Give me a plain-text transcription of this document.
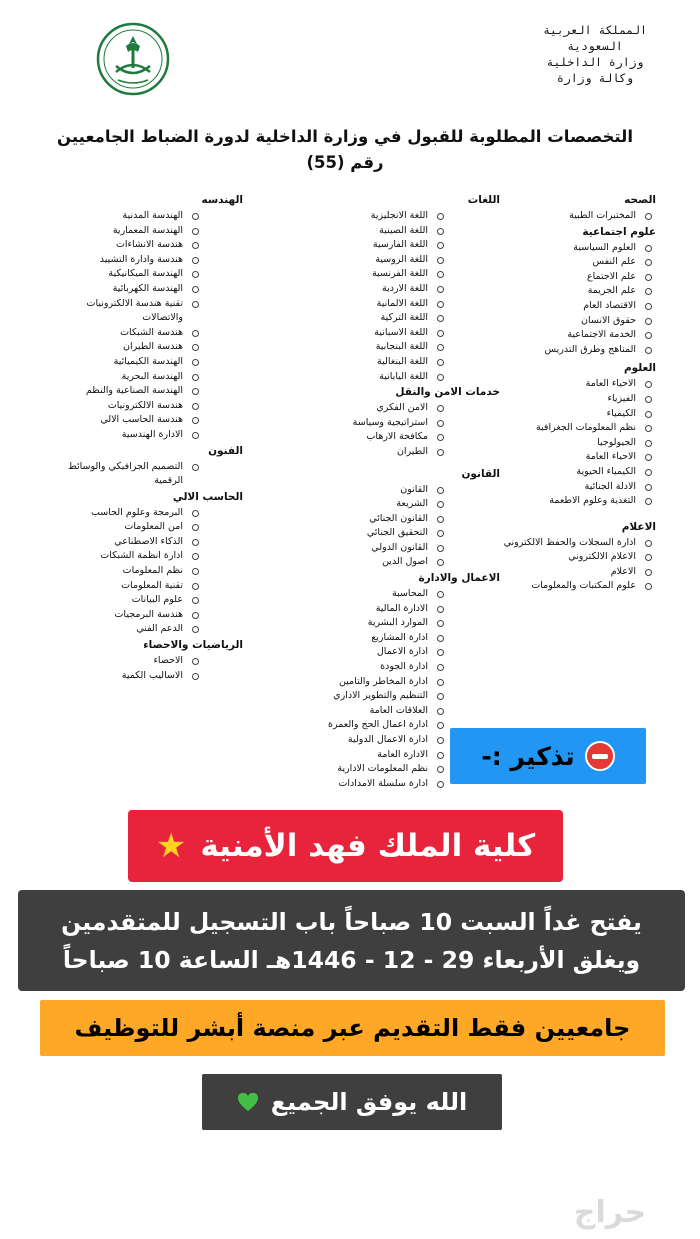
المملكة العربية
السعودية
وزارة الداخلية
وكالة وزارة
التخصصات المطلوبة للقبول في وزارة الداخلية لدورة الضباط الجامعيين
رقم (55)
الصحه
المختبرات الطبية
علوم اجتماعية
العلوم السياسية
علم النفس
علم الاجتماع
علم الجريمة
الاقتصاد العام
حقوق الانسان
الخدمة الاجتماعية
المناهج وطرق التدريس
العلوم
الاحياء العامة
الفيزياء
الكيمياء
نظم المعلومات الجغرافية
الجيولوجيا
الاحياء العامة
الكيمياء الحيوية
الادلة الجنائية
التغذية وعلوم الاطعمة
الاعلام
ادارة السجلات والحفظ الالكتروني
الاعلام الالكتروني
الاعلام
علوم المكتبات والمعلومات
اللغات
اللغة الانجليزية
اللغة الصينية
اللغة الفارسية
اللغة الروسية
اللغة الفرنسية
اللغة الاردية
اللغة الالمانية
اللغة التركية
اللغة الاسبانية
اللغة البنجابية
اللغة البنغالية
اللغة اليابانية
خدمات الامن والنقل
الامن الفكري
استراتيجية وسياسة
مكافحة الارهاب
الطيران
القانون
القانون
الشريعة
القانون الجنائي
التحقيق الجنائي
القانون الدولي
اصول الدين
الاعمال والادارة
المحاسبة
الادارة المالية
الموارد البشرية
ادارة المشاريع
ادارة الاعمال
ادارة الجودة
ادارة المخاطر والتامين
التنظيم والتطوير الاداري
العلاقات العامة
ادارة اعمال الحج والعمرة
ادارة الاعمال الدولية
الادارة العامة
نظم المعلومات الادارية
ادارة سلسلة الامدادات
الهندسه
الهندسة المدنية
الهندسة المعمارية
هندسة الانشاءات
هندسة وادارة التشييد
الهندسة الميكانيكية
الهندسة الكهربائية
تقنية هندسة الالكترونيات
والاتصالات
هندسة الشبكات
هندسة الطيران
الهندسة الكيميائية
الهندسة البحرية
الهندسة الصناعية والنظم
هندسة الالكترونيات
هندسة الحاسب الالي
الادارة الهندسية
الفنون
التصميم الجرافيكي والوسائط
الرقمية
الحاسب الالي
البرمجة وعلوم الحاسب
امن المعلومات
الذكاء الاصطناعي
ادارة انظمة الشبكات
نظم المعلومات
تقنية المعلومات
علوم البيانات
هندسة البرمجيات
الدعم الفني
الرياضيات والاحصاء
الاحصاء
الاساليب الكمية
تذكير :-
كلية الملك فهد الأمنية
★
يفتح غداً السبت 10 صباحاً باب التسجيل للمتقدمين
ويغلق الأربعاء 29 - 12 - 1446هـ الساعة 10 صباحاً
جامعيين فقط التقديم عبر منصة أبشر للتوظيف
الله يوفق الجميع
حراج
